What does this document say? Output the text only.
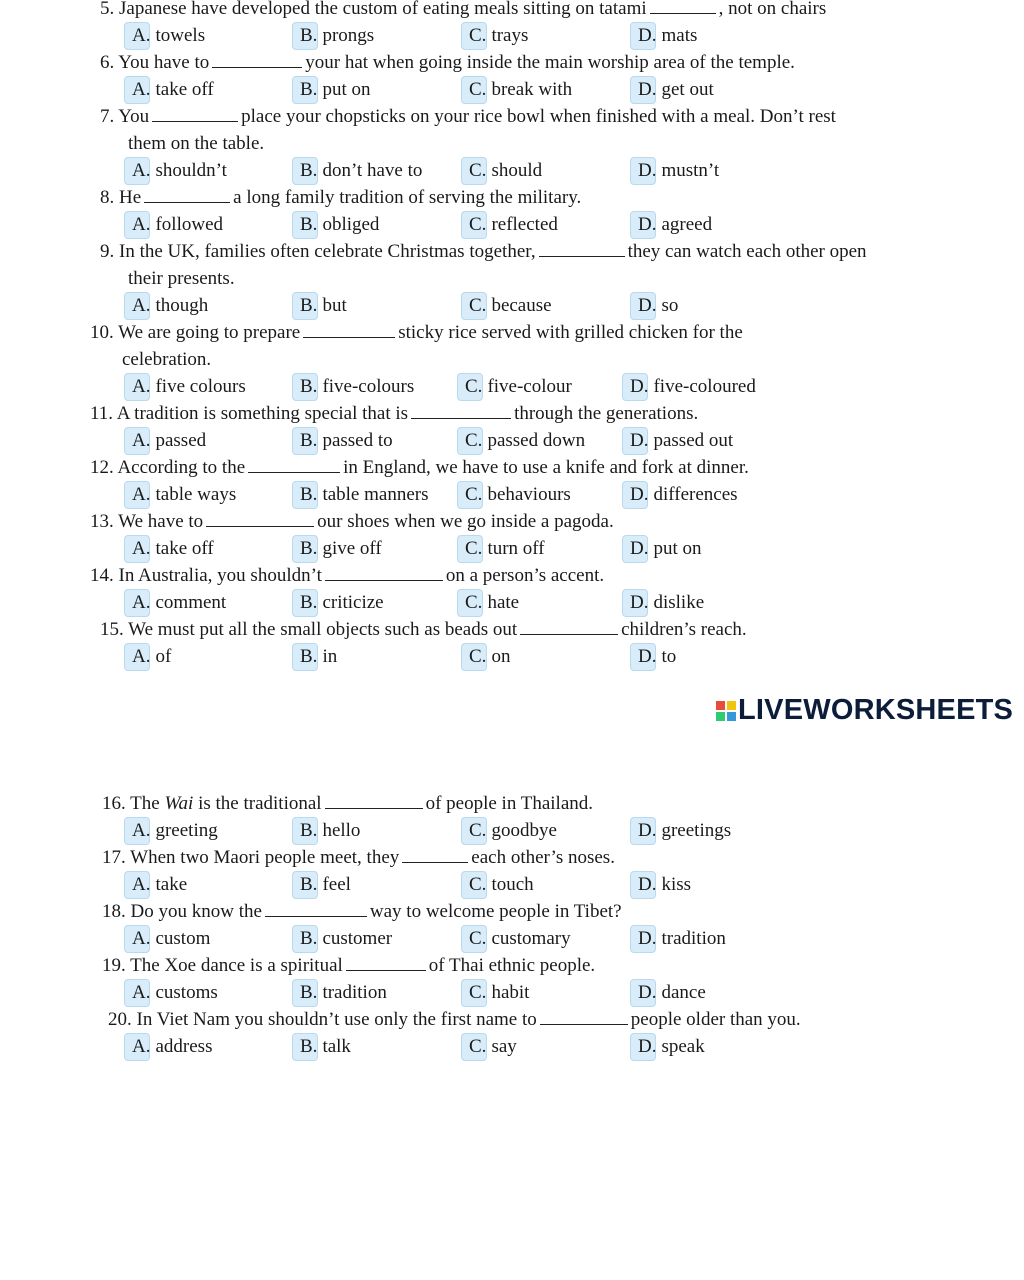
5. Japanese have developed the custom of eating meals sitting on tatami	, not on chairs
A. towels	B. prongs	C. trays	D. mats
6. You have to	your hat when going inside the main worship area of the temple.
A. take off	B. put on	C. break with	D. get out
7. You	place your chopsticks on your rice bowl when finished with a meal. Don’t rest
them on the table.
A. shouldn’t	B. don’t have to C. should	D. mustn’t
8. He	a long family tradition of serving the military.
A. followed	B. obliged	C. reflected	D. agreed
9. In the UK, families often celebrate Christmas together,	they can watch each other open
their presents.
A. though	B. but	C. because	D. so
10. We are going to prepare	sticky rice served with grilled chicken for the
celebration.
A. five colours	B. five-colours	C. five-colour	D. five-coloured
11. A tradition is something special that is	through the generations.
A. passed	B. passed to	C. passed down D. passed out
12. According to the	in England, we have to use a knife and fork at dinner.
A. table ways	B. table manners C. behaviours	D. differences
13. We have to	our shoes when we go inside a pagoda.
A. take off	B. give off	C. turn off	D. put on
14. In Australia, you shouldn’t	on a person’s accent.
A. comment	B. criticize	C. hate	D. dislike
15. We must put all the small objects such as beads out	children’s reach.
A. of	B. in	C. on	D. to
LIVEWORKSHEETS
16. The Wai is the traditional	of people in Thailand.
A. greeting	B. hello	C. goodbye	D. greetings
17. When two Maori people meet, they	each other’s noses.
A. take	B. feel	C. touch	D. kiss
18. Do you know the	way to welcome people in Tibet?
A. custom	B. customer	C. customary	D. tradition
19. The Xoe dance is a spiritual	of Thai ethnic people.
A. customs	B. tradition	C. habit	D. dance
20. In Viet Nam you shouldn’t use only the first name to	people older than you.
A. address	B. talk	C. say	D. speak
